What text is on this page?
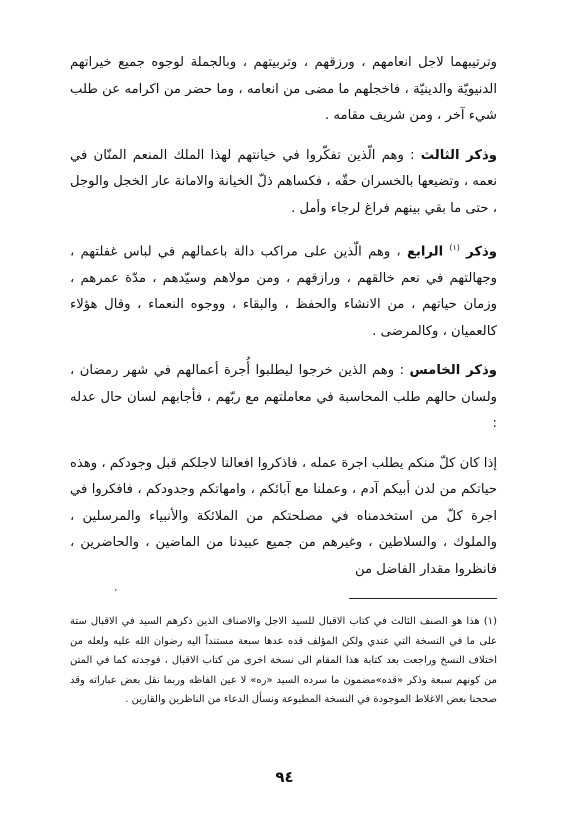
وترتيبهما لاجل انعامهم ، ورزقهم ، وتربيتهم ، وبالجملة لوجوه جميع خيراتهم الدنيويّة والدينيّة ، فاخجلهم ما مضى من انعامه ، وما حضر من اكرامه عن طلب شيء آخر ، ومن شريف مقامه .

وذكر الثالث : وهم الّذين تفكّروا في خيانتهم لهذا الملك المنعم المنّان في نعمه ، وتضيعها بالخسران حقّه ، فكساهم ذلّ الخيانة والامانة عار الخجل والوجل ، حتى ما بقي بينهم فراغ لرجاء وأمل .

وذكر $^{(١)}$ الرابع ، وهم الّذين على مراكب دالة باعمالهم في لباس غفلتهم ، وجهالتهم في نعم خالقهم ، ورازقهم ، ومن مولاهم وسيّدهم ، مدّة عمرهم ، وزمان حياتهم ، من الانشاء والحفظ ، والبقاء ، ووجوه النعماء ، وقال هؤلاء كالعميان ، وكالمرضى .

وذكر الخامس : وهم الذين خرجوا ليطلبوا أُجرة أعمالهم في شهر رمضان ، ولسان حالهم طلب المحاسبة في معاملتهم مع ربّهم ، فأجابهم لسان حال عدله :

إذا كان كلّ منكم يطلب اجرة عمله ، فاذكروا افعالنا لاجلكم قبل وجودكم ، وهذه حياتكم من لدن أبيكم آدم ، وعملنا مع آبائكم ، وامهاتكم وجدودكم ، فافكروا في اجرة كلّ من استخدمناه في مصلحتكم من الملائكة والأنبياء والمرسلين ، والملوك ، والسلاطين ، وغيرهم من جميع عبيدنا من الماضين ، والحاضرين ، فانظروا مقدار الفاضل من

،

(١) هذا هو الصنف الثالث في كتاب الاقبال للسيد الاجل والاصناف الذين ذكرهم السيد في الاقبال ستة على ما في النسخة التي عندي ولكن المؤلف قده عدها سبعة مستنداً اليه رضوان الله عليه ولعله من اختلاف النسخ وراجعت بعد كتابة هذا المقام الى نسخة اخرى من كتاب الاقبال ، فوجدته كما في المتن من كونهم سبعة وذكر «قده»مضمون ما سرده السيد «ره» لا عين الفاظه وربما نقل بعض عباراته وقد صححنا بعض الاغلاط الموجودة في النسخة المطبوعة ونسأل الدعاء من الناظرين والقارين .

٩٤
